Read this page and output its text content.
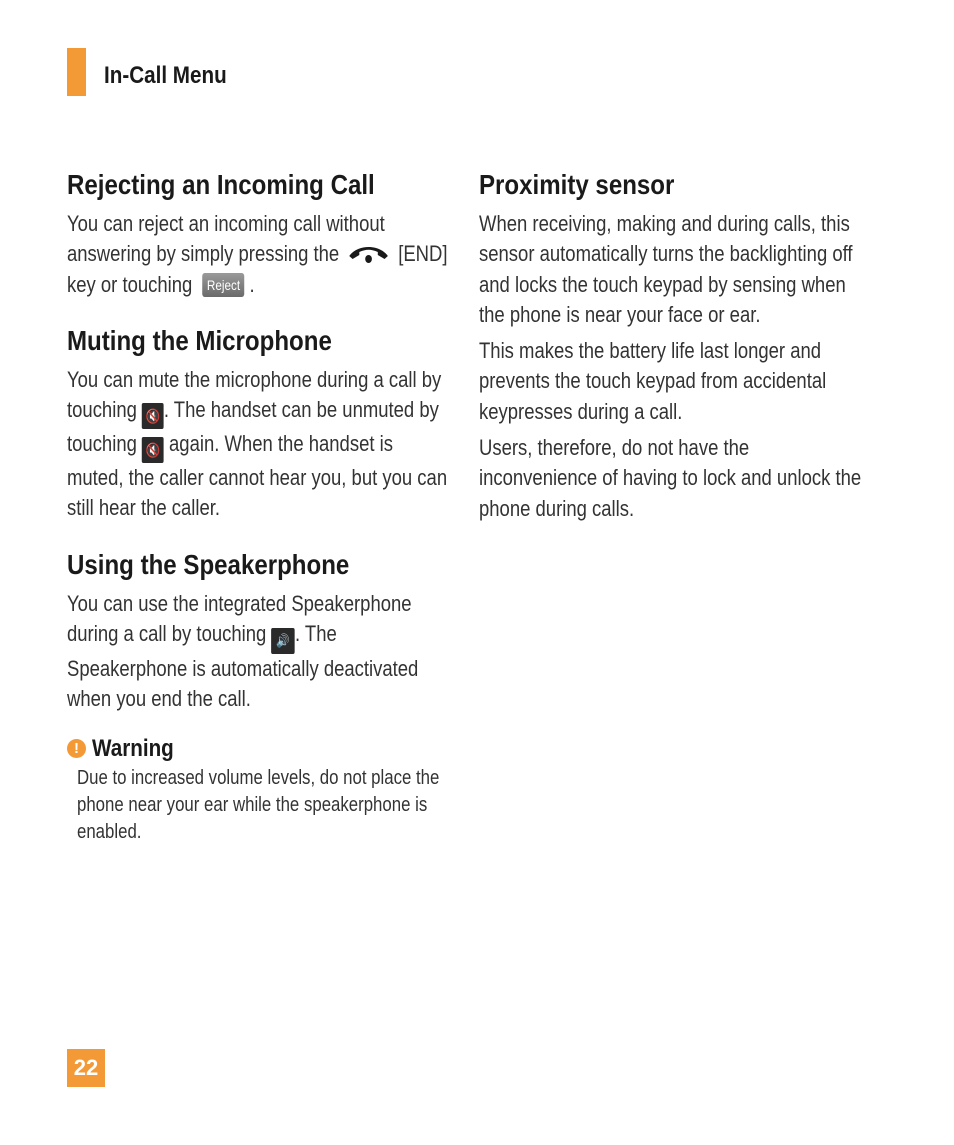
In-Call Menu
Rejecting an Incoming Call

You can reject an incoming call without answering by simply pressing the	[END] key or touching Reject .

Muting the Microphone

You can mute the microphone during a call by touching 🔇 . The handset can be unmuted by touching 🔇 again. When the handset is muted, the caller cannot hear you, but you can still hear the caller.

Using the Speakerphone

You can use the integrated Speakerphone during a call by touching 🔊 . The Speakerphone is automatically deactivated when you end the call.

! Warning

Due to increased volume levels, do not place the phone near your ear while the speakerphone is enabled.

Proximity sensor

When receiving, making and during calls, this sensor automatically turns the backlighting off and locks the touch keypad by sensing when the phone is near your face or ear.

This makes the battery life last longer and prevents the touch keypad from accidental keypresses during a call.

Users, therefore, do not have the inconvenience of having to lock and unlock the phone during calls.

22
